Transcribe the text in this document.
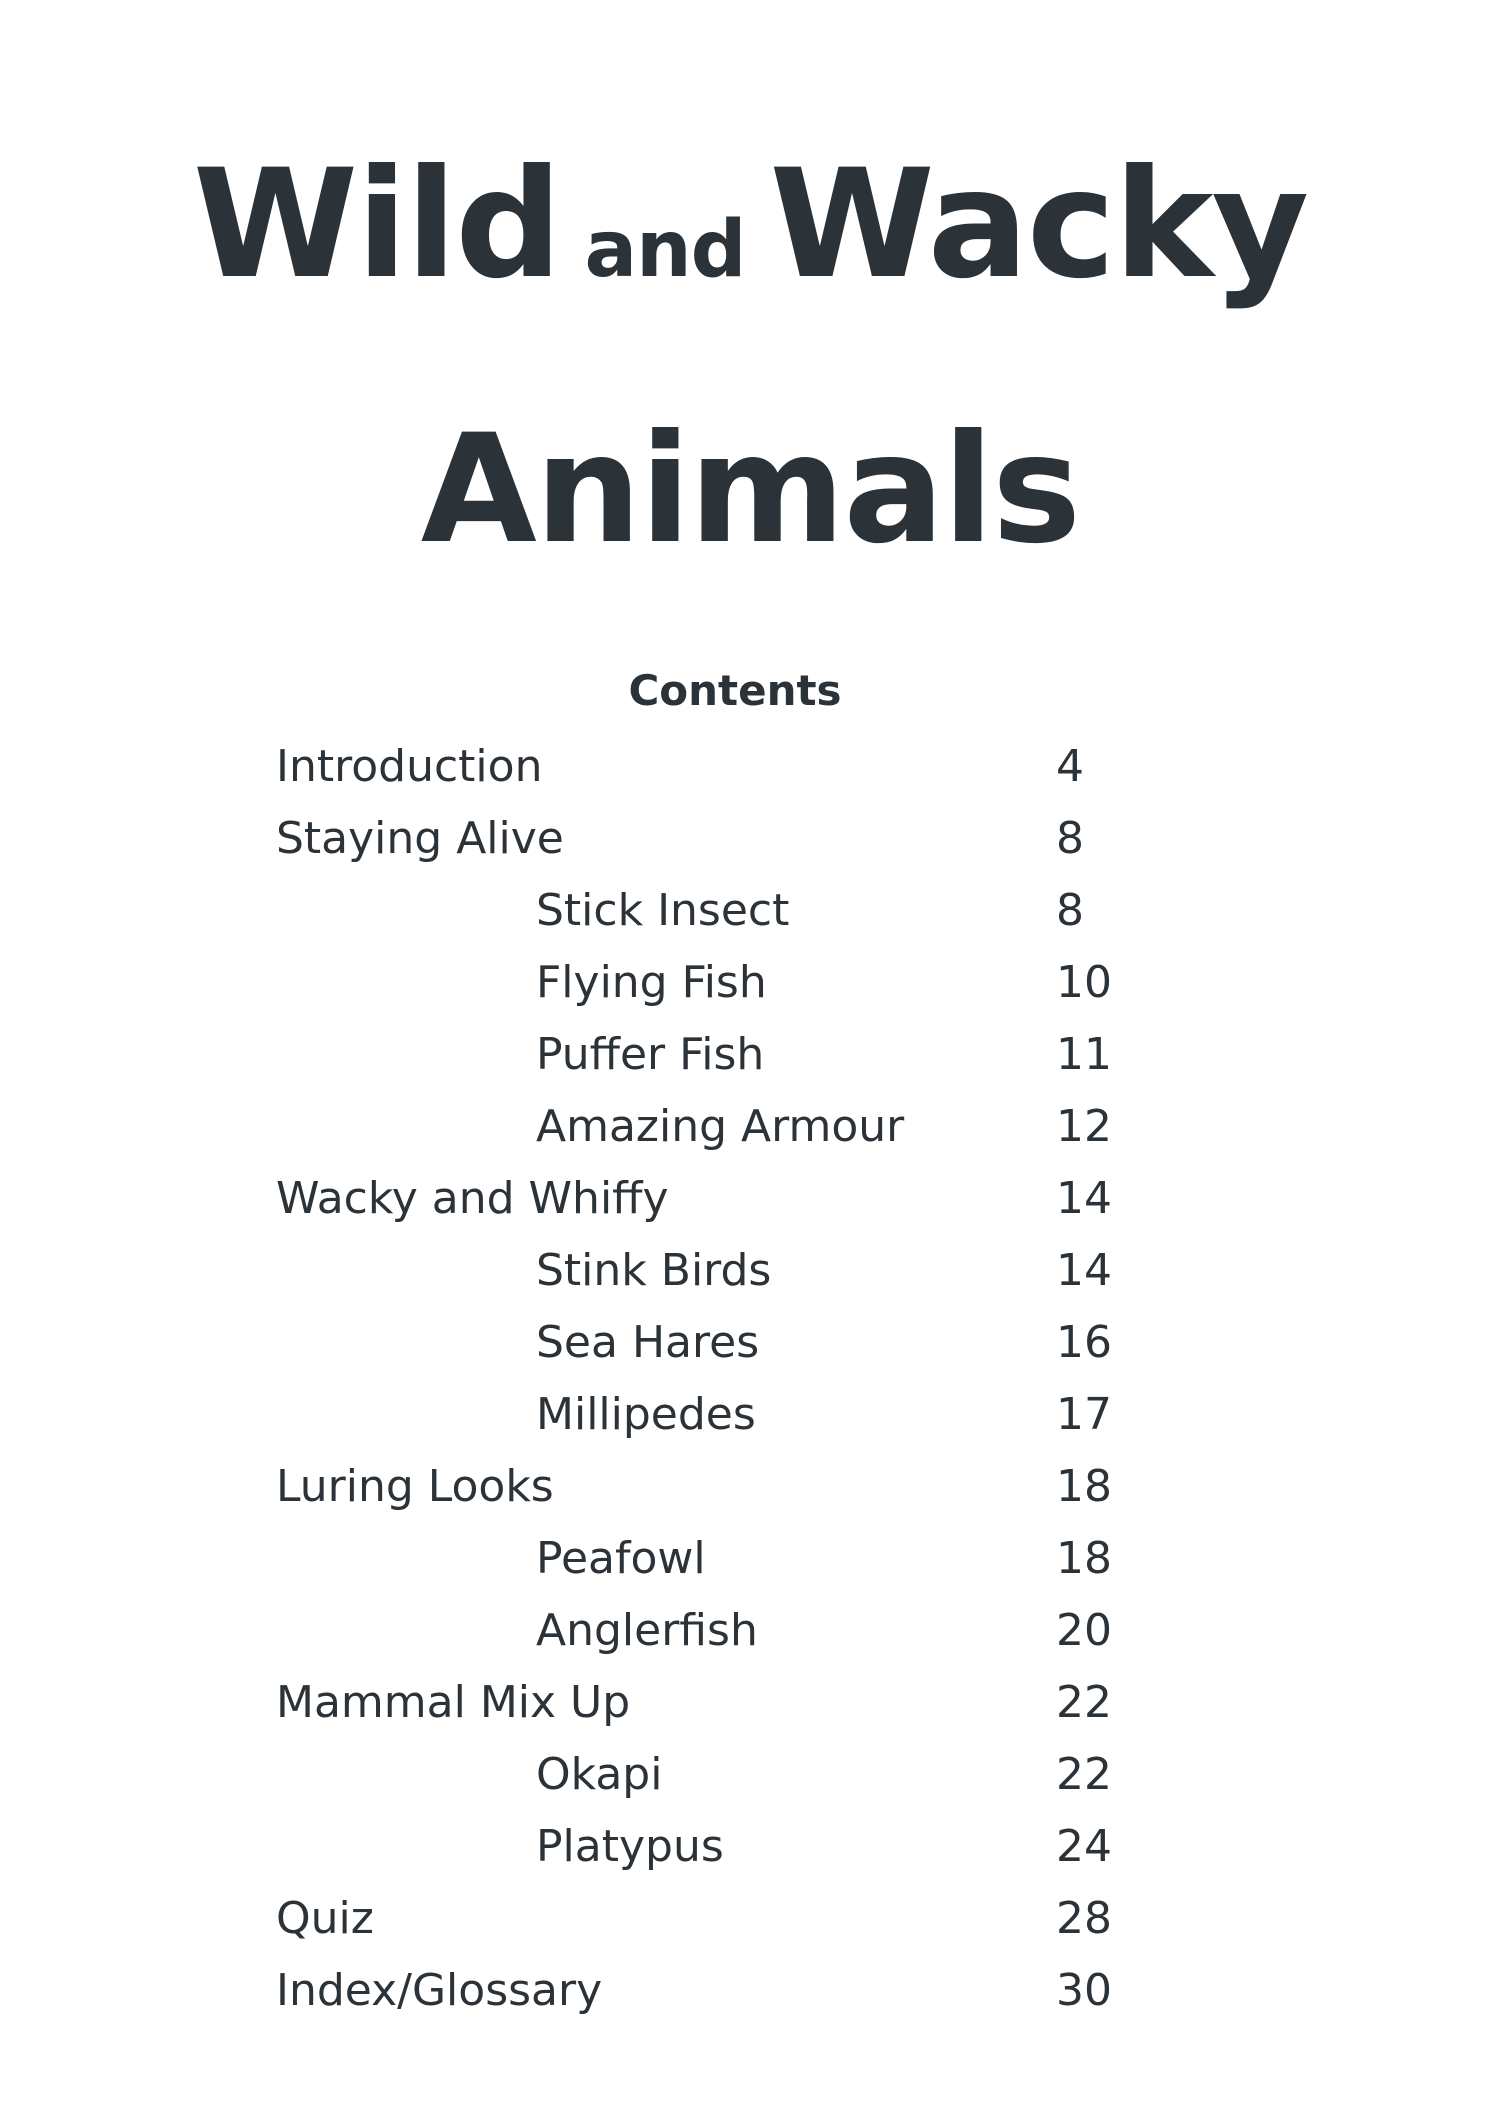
Wild and Wacky
Animals
Contents
Introduction	4
Staying Alive	8
Stick Insect	8
Flying Fish	10
Puffer Fish	11
Amazing Armour	12
Wacky and Whiffy	14
Stink Birds	14
Sea Hares	16
Millipedes	17
Luring Looks	18
Peafowl	18
Anglerfish	20
Mammal Mix Up	22
Okapi	22
Platypus	24
Quiz	28
Index/Glossary	30
